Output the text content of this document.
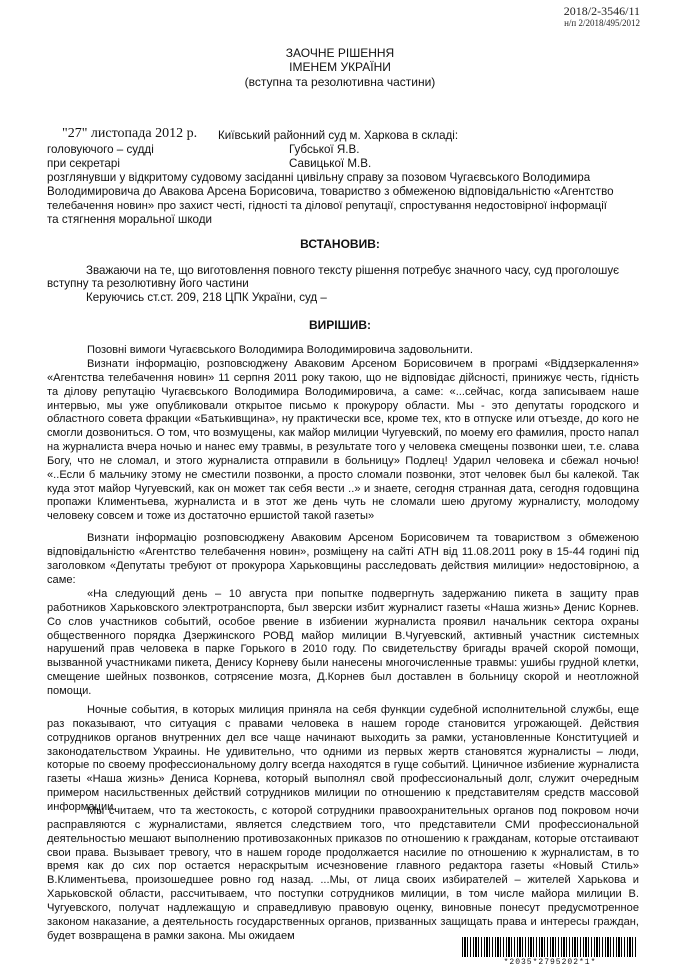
2018/2-3546/11
н/п 2/2018/495/2012
ЗАОЧНЕ РІШЕННЯ
ІМЕНЕМ УКРАЇНИ
(вступна та резолютивна частини)
"27" листопада 2012 р. Київський районний суд м. Харкова в складі:
головуючого – судді	Губської Я.В.
при секретарі	Савицької М.В.
розглянувши у відкритому судовому засіданні цивільну справу за позовом Чугаєвського Володимира
Володимировича до Авакова Арсена Борисовича, товариство з обмеженою відповідальністю «Агентство
телебачення новин» про захист честі, гідності та ділової репутації, спростування недостовірної інформації
та стягнення моральної шкоди
ВСТАНОВИВ:
Зважаючи на те, що виготовлення повного тексту рішення потребує значного часу, суд проголошує
вступну та резолютивну його частини
Керуючись ст.ст. 209, 218 ЦПК України, суд –
ВИРІШИВ:

Позовні вимоги Чугаєвського Володимира Володимировича задовольнити.

Визнати інформацію, розповсюджену Аваковим Арсеном Борисовичем в програмі «Віддзеркалення» «Агентства телебачення новин» 11 серпня 2011 року такою, що не відповідає дійсності, принижує честь, гідність та ділову репутацію Чугаєвського Володимира Володимировича, а саме: «...сейчас, когда записываем наше интервью, мы уже опубликовали открытое письмо к прокурору области. Мы - это депутаты городского и областного совета фракции «Батькивщина», ну практически все, кроме тех, кто в отпуске или отъезде, до кого не смогли дозвониться. О том, что возмущены, как майор милиции Чугуевский, по моему его фамилия, просто напал на журналиста вчера ночью и нанес ему травмы, в результате того у человека смещены позвонки шеи, т.е. слава Богу, что не сломал, и этого журналиста отправили в больницу» Подлец! Ударил человека и сбежал ночью! «..Если б мальчику этому не сместили позвонки, а просто сломали позвонки, этот человек был бы калекой. Так куда этот майор Чугуевский, как он может так себя вести ..» и знаете, сегодня странная дата, сегодня годовщина пропажи Климентьева, журналиста и в этот же день чуть не сломали шею другому журналисту, молодому человеку совсем и тоже из достаточно ершистой такой газеты»

Визнати інформацію розповсюджену Аваковим Арсеном Борисовичем та товариством з обмеженою відповідальністю «Агентство телебачення новин», розміщену на сайті АТН від 11.08.2011 року в 15-44 годині під заголовком «Депутаты требуют от прокурора Харьковщины расследовать действия милиции» недостовірною, а саме:

«На следующий день – 10 августа при попытке подвергнуть задержанию пикета в защиту прав работников Харьковского электротранспорта, был зверски избит журналист газеты «Наша жизнь» Денис Корнев. Со слов участников событий, особое рвение в избиении журналиста проявил начальник сектора охраны общественного порядка Дзержинского РОВД майор милиции В.Чугуевский, активный участник системных нарушений прав человека в парке Горького в 2010 году. По свидетельству бригады врачей скорой помощи, вызванной участниками пикета, Денису Корневу были нанесены многочисленные травмы: ушибы грудной клетки, смещение шейных позвонков, сотрясение мозга, Д.Корнев был доставлен в больницу скорой и неотложной помощи.

Ночные события, в которых милиция приняла на себя функции судебной исполнительной службы, еще раз показывают, что ситуация с правами человека в нашем городе становится угрожающей. Действия сотрудников органов внутренних дел все чаще начинают выходить за рамки, установленные Конституцией и законодательством Украины. Не удивительно, что одними из первых жертв становятся журналисты – люди, которые по своему профессиональному долгу всегда находятся в гуще событий. Циничное избиение журналиста газеты «Наша жизнь» Дениса Корнева, который выполнял свой профессиональный долг, служит очередным примером насильственных действий сотрудников милиции по отношению к представителям средств массовой информации.

Мы считаем, что та жестокость, с которой сотрудники правоохранительных органов под покровом ночи расправляются с журналистами, является следствием того, что представители СМИ профессиональной деятельностью мешают выполнению противозаконных приказов по отношению к гражданам, которые отстаивают свои права. Вызывает тревогу, что в нашем городе продолжается насилие по отношению к журналистам, в то время как до сих пор остается нераскрытым исчезновение главного редактора газеты «Новый Стиль» В.Климентьева, произошедшее ровно год назад. ...Мы, от лица своих избирателей – жителей Харькова и Харьковской области, рассчитываем, что поступки сотрудников милиции, в том числе майора милиции В. Чугуевского, получат надлежащую и справедливую правовую оценку, виновные понесут предусмотренное законом наказание, а деятельность государственных органов, призванных защищать права и интересы граждан, будет возвращена в рамки закона. Мы ожидаем

*2035*2795202*1*
